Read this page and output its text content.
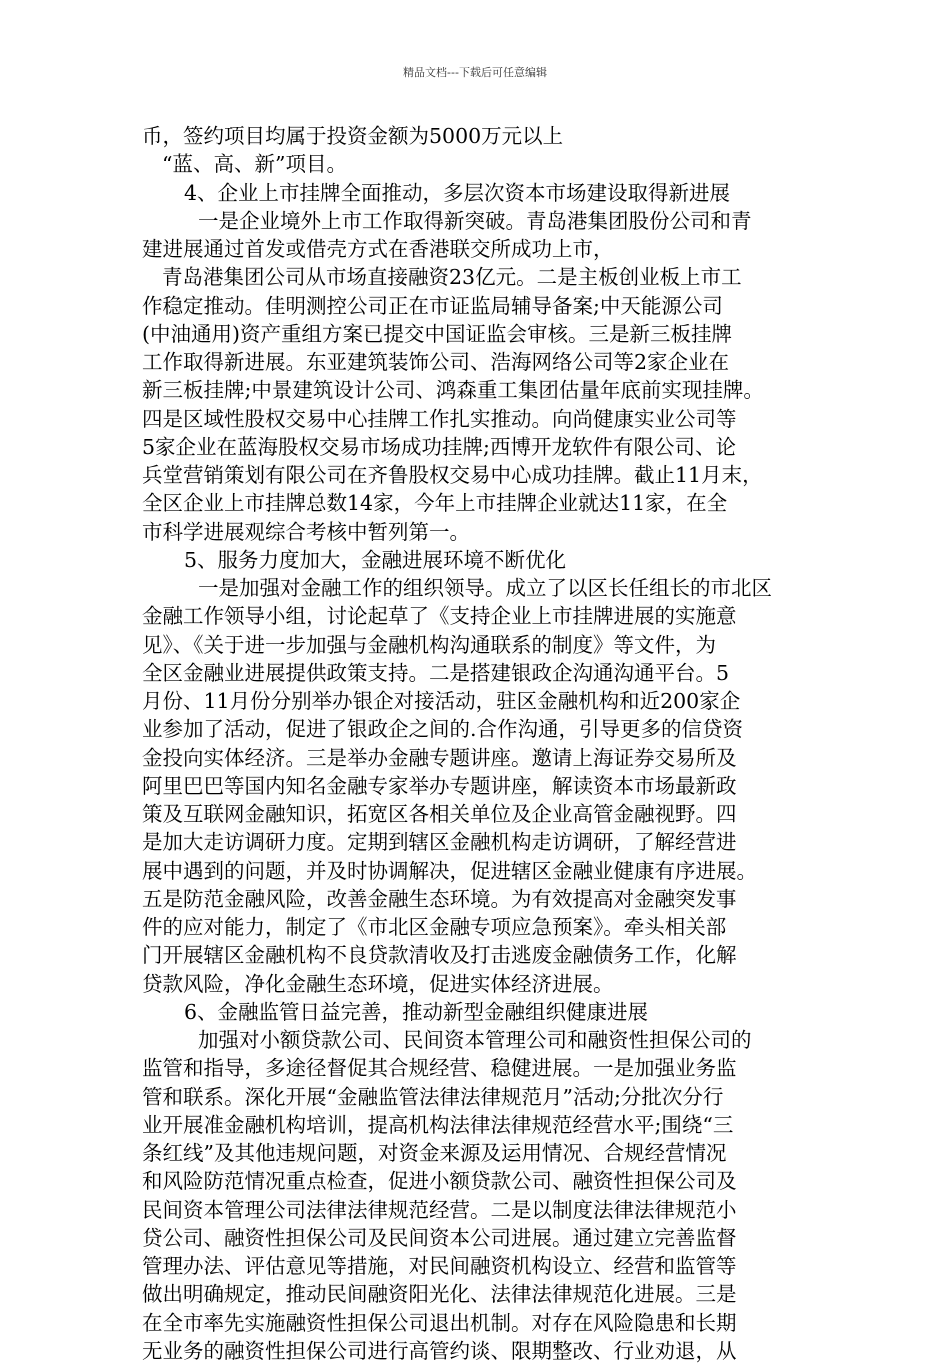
精品文档---下载后可任意编辑
币，签约项目均属于投资金额为5000万元以上
“蓝、高、新”项目。
4、企业上市挂牌全面推动，多层次资本市场建设取得新进展
一是企业境外上市工作取得新突破。青岛港集团股份公司和青
建进展通过首发或借壳方式在香港联交所成功上市，
青岛港集团公司从市场直接融资23亿元。二是主板创业板上市工
作稳定推动。佳明测控公司正在市证监局辅导备案;中天能源公司
(中油通用)资产重组方案已提交中国证监会审核。三是新三板挂牌
工作取得新进展。东亚建筑装饰公司、浩海网络公司等2家企业在
新三板挂牌;中景建筑设计公司、鸿森重工集团估量年底前实现挂牌。
四是区域性股权交易中心挂牌工作扎实推动。向尚健康实业公司等
5家企业在蓝海股权交易市场成功挂牌;西博开龙软件有限公司、论
兵堂营销策划有限公司在齐鲁股权交易中心成功挂牌。截止11月末，
全区企业上市挂牌总数14家，今年上市挂牌企业就达11家，在全
市科学进展观综合考核中暂列第一。
5、服务力度加大，金融进展环境不断优化
一是加强对金融工作的组织领导。成立了以区长任组长的市北区
金融工作领导小组，讨论起草了《支持企业上市挂牌进展的实施意
见》、《关于进一步加强与金融机构沟通联系的制度》等文件，为
全区金融业进展提供政策支持。二是搭建银政企沟通沟通平台。5
月份、11月份分别举办银企对接活动，驻区金融机构和近200家企
业参加了活动，促进了银政企之间的.合作沟通，引导更多的信贷资
金投向实体经济。三是举办金融专题讲座。邀请上海证券交易所及
阿里巴巴等国内知名金融专家举办专题讲座，解读资本市场最新政
策及互联网金融知识，拓宽区各相关单位及企业高管金融视野。四
是加大走访调研力度。定期到辖区金融机构走访调研，了解经营进
展中遇到的问题，并及时协调解决，促进辖区金融业健康有序进展。
五是防范金融风险，改善金融生态环境。为有效提高对金融突发事
件的应对能力，制定了《市北区金融专项应急预案》。牵头相关部
门开展辖区金融机构不良贷款清收及打击逃废金融债务工作，化解
贷款风险，净化金融生态环境，促进实体经济进展。
6、金融监管日益完善，推动新型金融组织健康进展
加强对小额贷款公司、民间资本管理公司和融资性担保公司的
监管和指导，多途径督促其合规经营、稳健进展。一是加强业务监
管和联系。深化开展“金融监管法律法律规范月”活动;分批次分行
业开展准金融机构培训，提高机构法律法律规范经营水平;围绕“三
条红线”及其他违规问题，对资金来源及运用情况、合规经营情况
和风险防范情况重点检查，促进小额贷款公司、融资性担保公司及
民间资本管理公司法律法律规范经营。二是以制度法律法律规范小
贷公司、融资性担保公司及民间资本公司进展。通过建立完善监督
管理办法、评估意见等措施，对民间融资机构设立、经营和监管等
做出明确规定，推动民间融资阳光化、法律法律规范化进展。三是
在全市率先实施融资性担保公司退出机制。对存在风险隐患和长期
无业务的融资性担保公司进行高管约谈、限期整改、行业劝退，从
